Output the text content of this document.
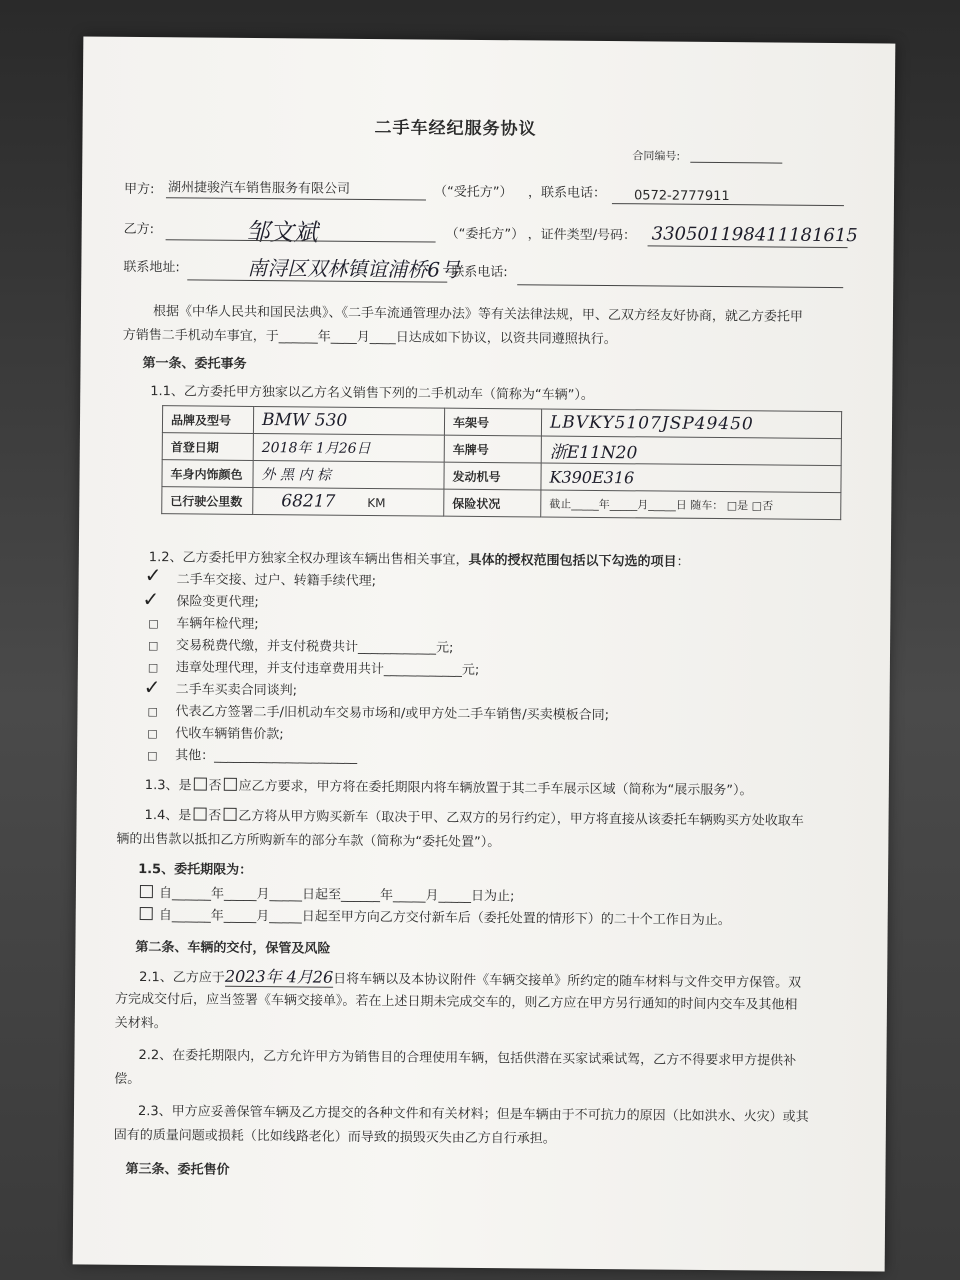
二手车经纪服务协议
合同编号:
甲方: 湖州捷骏汽车销售服务有限公司	（“受托方”） ，联系电话： 0572-2777911
乙方:	邹文斌	（“委托方”） ，证件类型/号码： 330501198411181615
联系地址:	南浔区双林镇谊浦桥6号
联系电话:
根据《中华人民共和国民法典》、《二手车流通管理办法》等有关法律法规，甲、乙双方经友好协商，就乙方委托甲
方销售二手机动车事宜，于______年____月____日达成如下协议，以资共同遵照执行。
第一条、委托事务
1.1、乙方委托甲方独家以乙方名义销售下列的二手机动车（简称为“车辆”）。
品牌及型号	BMW 530	车架号	LBVKY5107JSP49450
首登日期	2018年 1月26日	车牌号	浙E11N20
车身内饰颜色	外 黑 内 棕	发动机号	K390E316
已行驶公里数	68217 KM	保险状况	截止_____年_____月_____日 随车： □是 □否
1.2、乙方委托甲方独家全权办理该车辆出售相关事宜，具体的授权范围包括以下勾选的项目：
✓ 二手车交接、过户、转籍手续代理;
✓ 保险变更代理;
□ 车辆年检代理;
□ 交易税费代缴，并支付税费共计____________元;
□ 违章处理代理，并支付违章费用共计____________元;
✓ 二手车买卖合同谈判;
□ 代表乙方签署二手/旧机动车交易市场和/或甲方处二手车销售/买卖模板合同;
□ 代收车辆销售价款;
□ 其他：______________________
1.3、是 否 应乙方要求，甲方将在委托期限内将车辆放置于其二手车展示区域（简称为“展示服务”）。
1.4、是 否 乙方将从甲方购买新车（取决于甲、乙双方的另行约定），甲方将直接从该委托车辆购买方处收取车
辆的出售款以抵扣乙方所购新车的部分车款（简称为“委托处置”）。
1.5、委托期限为：
自______年_____月_____日起至______年_____月_____日为止;
自______年_____月_____日起至甲方向乙方交付新车后（委托处置的情形下）的二十个工作日为止。
第二条、车辆的交付，保管及风险
2.1、乙方应于2023年 4月26日将车辆以及本协议附件《车辆交接单》所约定的随车材料与文件交甲方保管。双
方完成交付后，应当签署《车辆交接单》。若在上述日期未完成交车的，则乙方应在甲方另行通知的时间内交车及其他相
关材料。
2.2、在委托期限内，乙方允许甲方为销售目的合理使用车辆，包括供潜在买家试乘试驾，乙方不得要求甲方提供补
偿。
2.3、甲方应妥善保管车辆及乙方提交的各种文件和有关材料；但是车辆由于不可抗力的原因（比如洪水、火灾）或其
固有的质量问题或损耗（比如线路老化）而导致的损毁灭失由乙方自行承担。
第三条、委托售价
